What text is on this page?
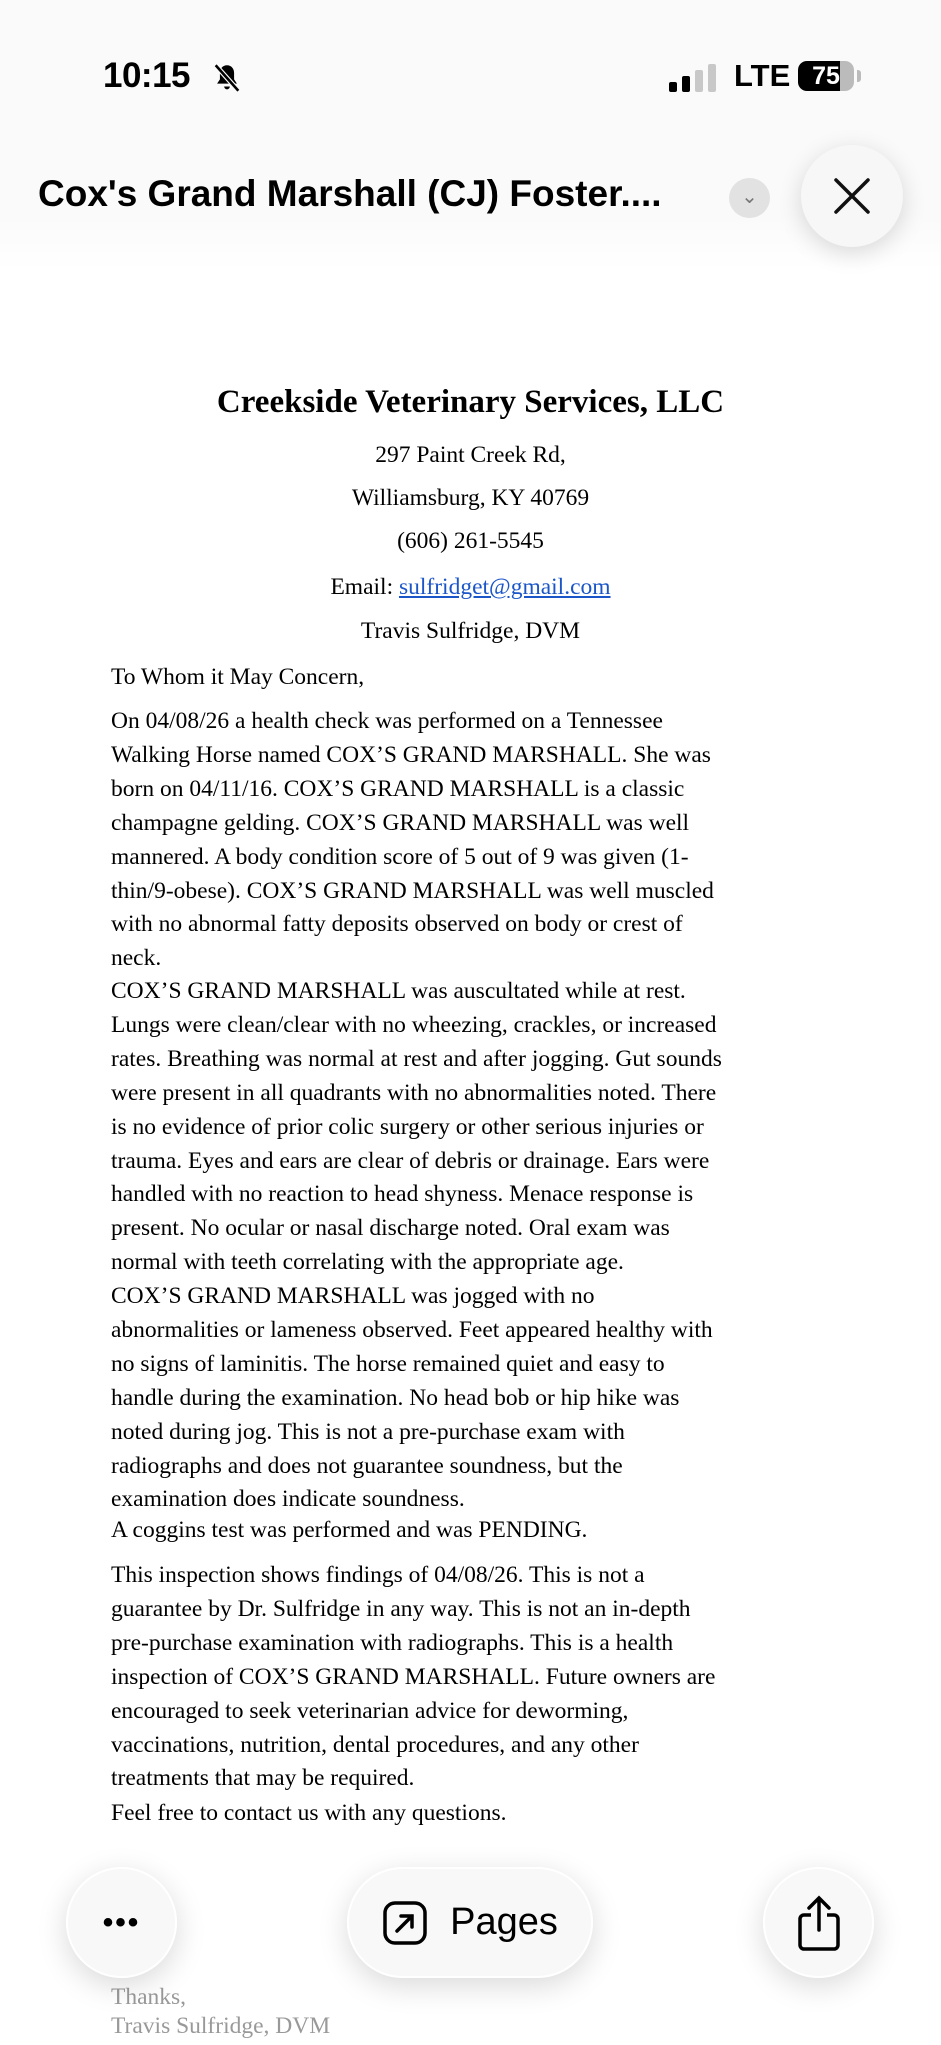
Creekside Veterinary Services, LLC
297 Paint Creek Rd,
Williamsburg, KY 40769
(606) 261-5545
Email: sulfridget@gmail.com
Travis Sulfridge, DVM
To Whom it May Concern,
On 04/08/26 a health check was performed on a Tennessee
Walking Horse named COX’S GRAND MARSHALL. She was
born on 04/11/16. COX’S GRAND MARSHALL is a classic
champagne gelding. COX’S GRAND MARSHALL was well
mannered. A body condition score of 5 out of 9 was given (1-
thin/9-obese). COX’S GRAND MARSHALL was well muscled
with no abnormal fatty deposits observed on body or crest of
neck.
COX’S GRAND MARSHALL was auscultated while at rest.
Lungs were clean/clear with no wheezing, crackles, or increased
rates. Breathing was normal at rest and after jogging. Gut sounds
were present in all quadrants with no abnormalities noted. There
is no evidence of prior colic surgery or other serious injuries or
trauma. Eyes and ears are clear of debris or drainage. Ears were
handled with no reaction to head shyness. Menace response is
present. No ocular or nasal discharge noted. Oral exam was
normal with teeth correlating with the appropriate age.
COX’S GRAND MARSHALL was jogged with no
abnormalities or lameness observed. Feet appeared healthy with
no signs of laminitis. The horse remained quiet and easy to
handle during the examination. No head bob or hip hike was
noted during jog. This is not a pre-purchase exam with
radiographs and does not guarantee soundness, but the
examination does indicate soundness.
A coggins test was performed and was PENDING.
This inspection shows findings of 04/08/26. This is not a
guarantee by Dr. Sulfridge in any way. This is not an in-depth
pre-purchase examination with radiographs. This is a health
inspection of COX’S GRAND MARSHALL. Future owners are
encouraged to seek veterinarian advice for deworming,
vaccinations, nutrition, dental procedures, and any other
treatments that may be required.
Feel free to contact us with any questions.
Thanks,
Travis Sulfridge, DVM
10:15	LTE 75
Cox's Grand Marshall (CJ) Foster....	⌄
•••	Pages
